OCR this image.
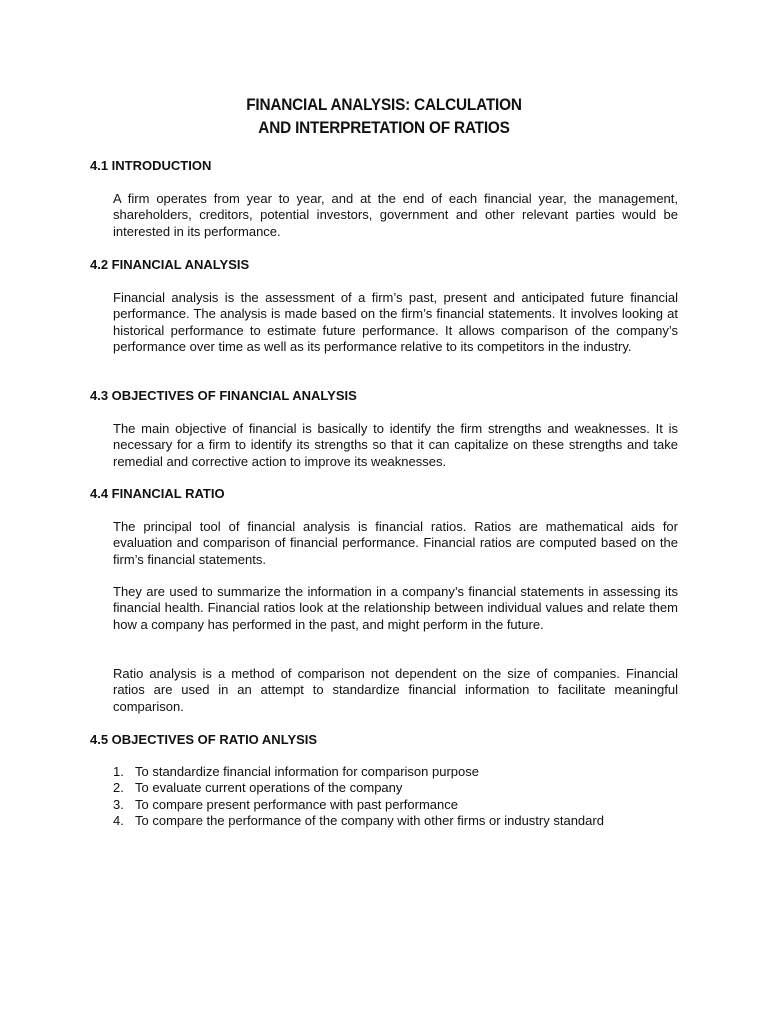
FINANCIAL ANALYSIS: CALCULATION
AND INTERPRETATION OF RATIOS
4.1 INTRODUCTION
A firm operates from year to year, and at the end of each financial year, the management, shareholders, creditors, potential investors, government and other relevant parties would be interested in its performance.
4.2 FINANCIAL ANALYSIS
Financial analysis is the assessment of a firm’s past, present and anticipated future financial performance. The analysis is made based on the firm’s financial statements. It involves looking at historical performance to estimate future performance. It allows comparison of the company’s performance over time as well as its performance relative to its competitors in the industry.
4.3 OBJECTIVES OF FINANCIAL ANALYSIS
The main objective of financial is basically to identify the firm strengths and weaknesses. It is necessary for a firm to identify its strengths so that it can capitalize on these strengths and take remedial and corrective action to improve its weaknesses.
4.4 FINANCIAL RATIO
The principal tool of financial analysis is financial ratios. Ratios are mathematical aids for evaluation and comparison of financial performance. Financial ratios are computed based on the firm’s financial statements.
They are used to summarize the information in a company’s financial statements in assessing its financial health. Financial ratios look at the relationship between individual values and relate them how a company has performed in the past, and might perform in the future.
Ratio analysis is a method of comparison not dependent on the size of companies. Financial ratios are used in an attempt to standardize financial information to facilitate meaningful comparison.
4.5 OBJECTIVES OF RATIO ANLYSIS
1. To standardize financial information for comparison purpose
2. To evaluate current operations of the company
3. To compare present performance with past performance
4. To compare the performance of the company with other firms or industry standard
